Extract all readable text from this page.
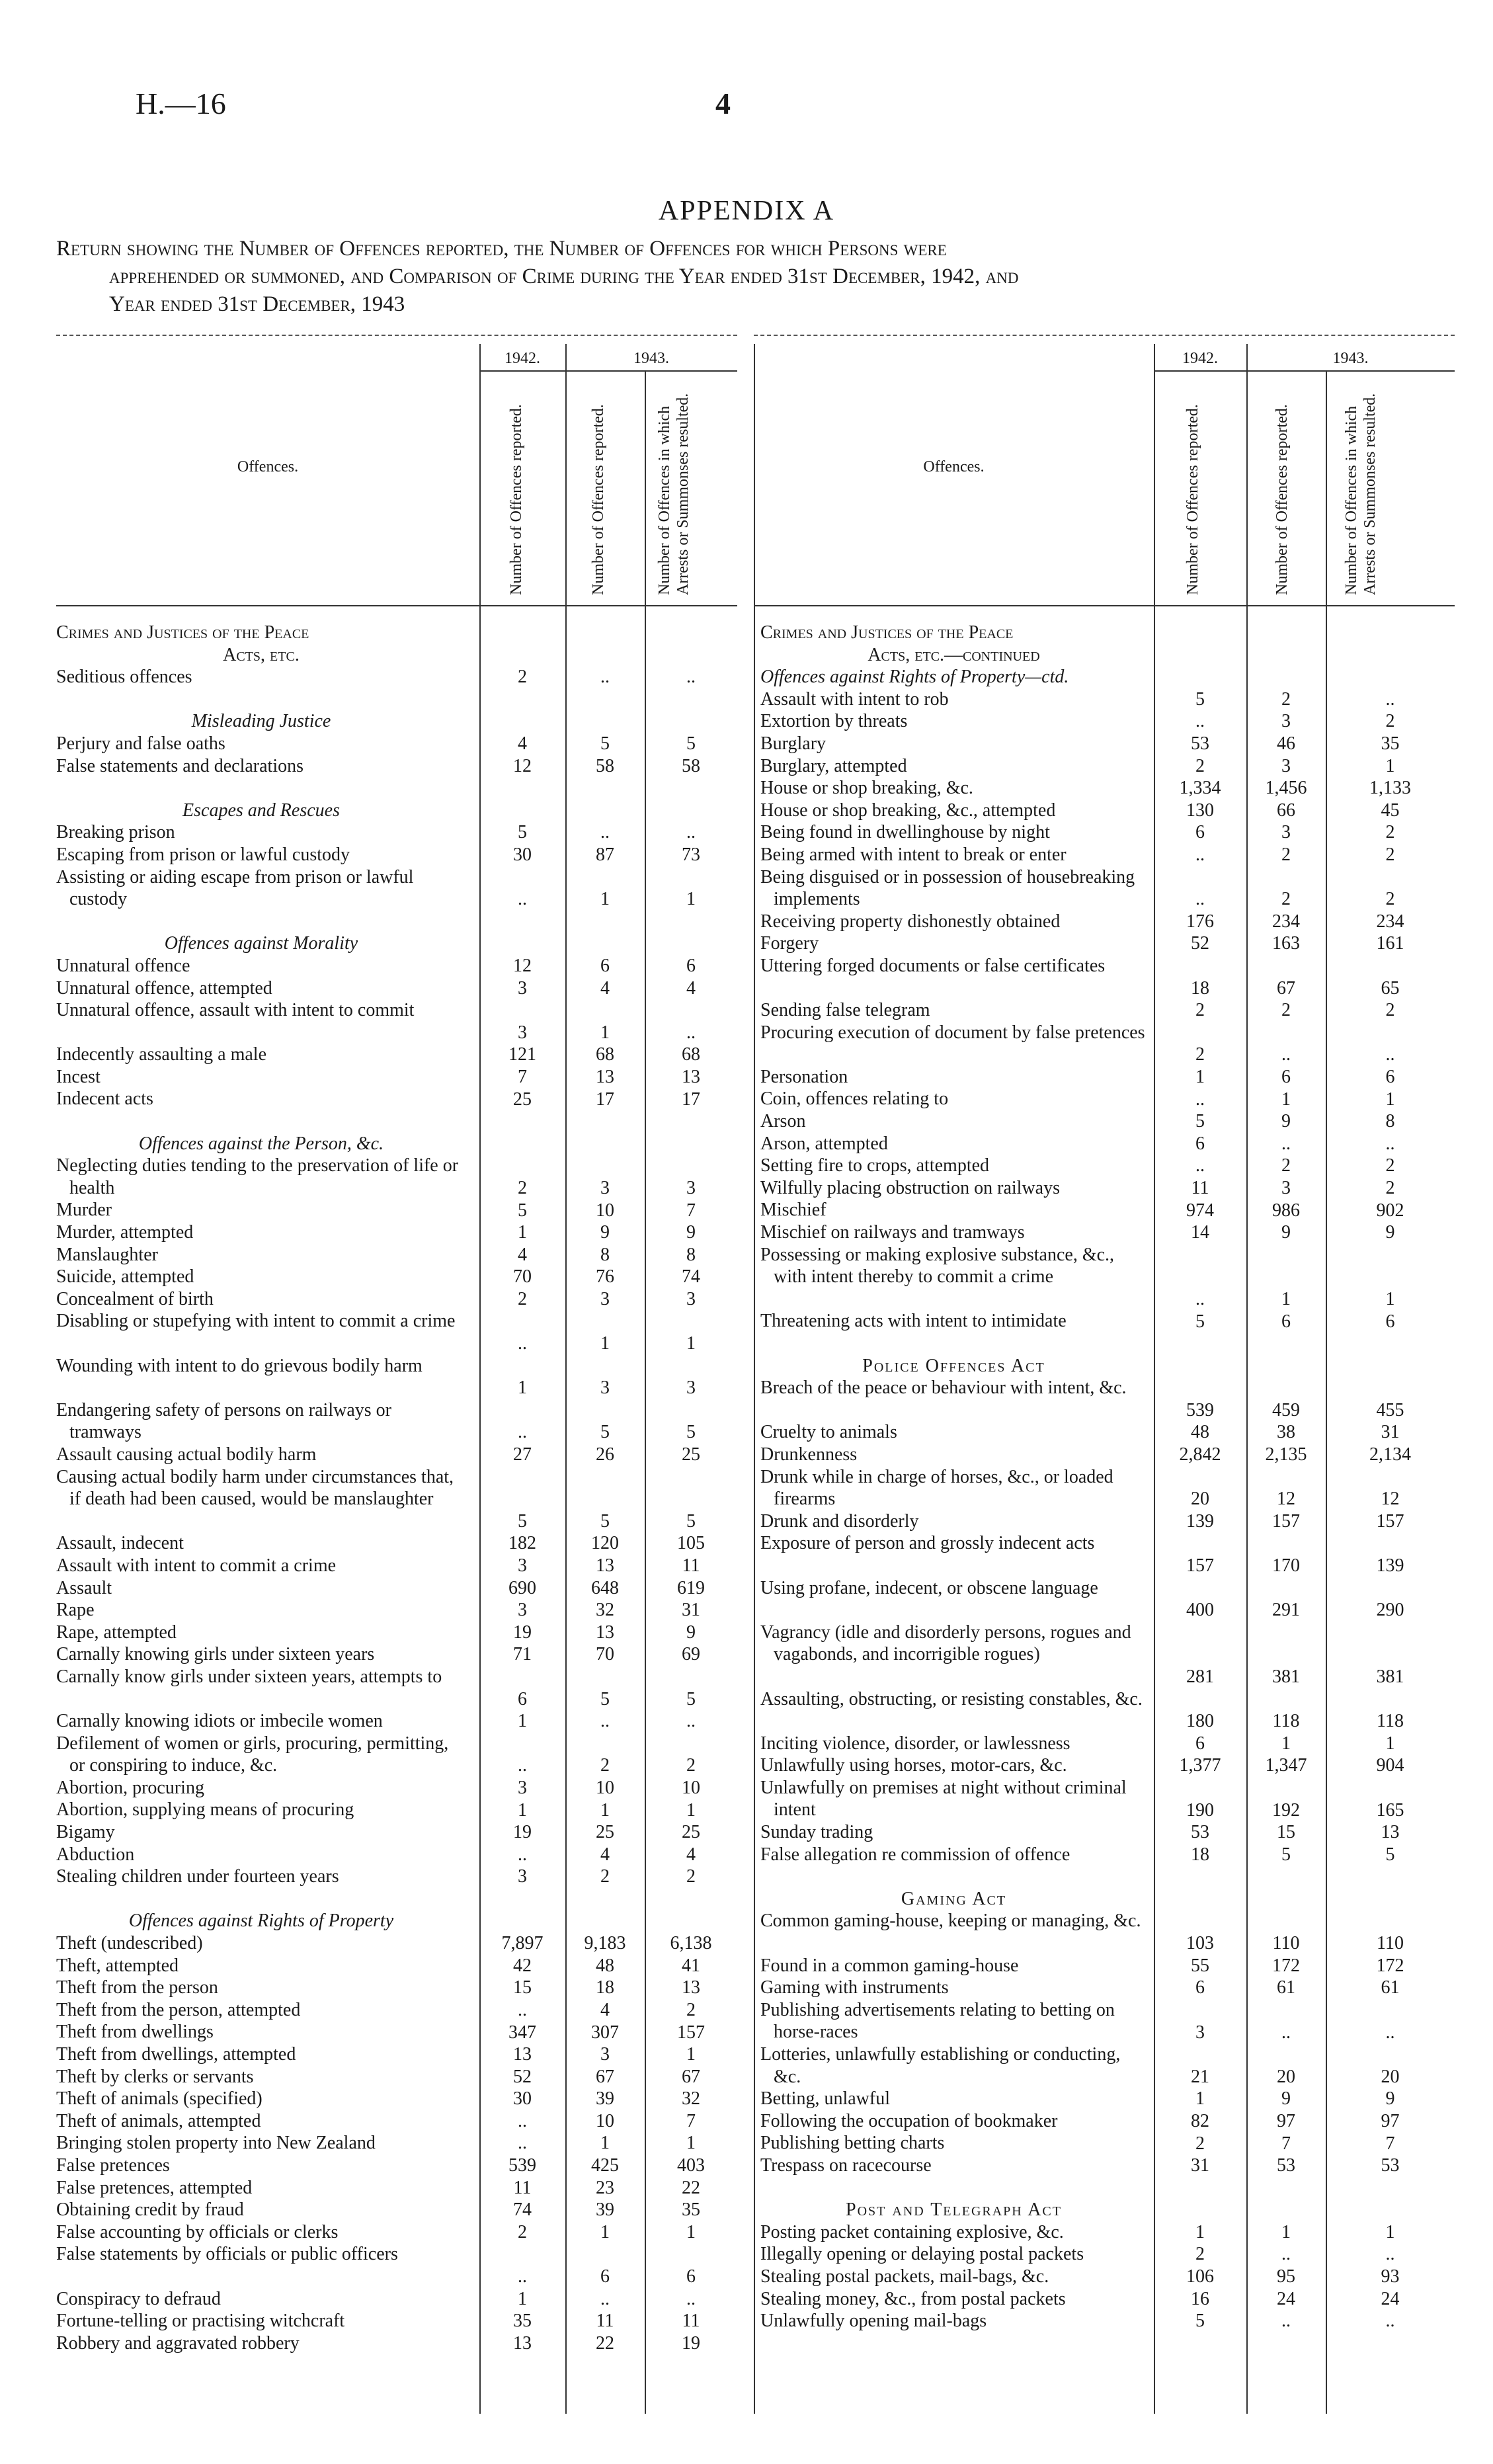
H.—16	4
APPENDIX A
Return showing the Number of Offences reported, the Number of Offences for which Persons were
apprehended or summoned, and Comparison of Crime during the Year ended 31st December, 1942, and
Year ended 31st December, 1943
Offences.
1942.	1943.
Number of Offences reported.	Number of Offences reported.	Number of Offences in which Arrests or Summonses resulted.
Crimes and Justices of the Peace
Acts, etc.
Seditious offences	2	..	..
Misleading Justice
Perjury and false oaths	4	5	5
False statements and declarations	12	58	58
Escapes and Rescues
Breaking prison	5	..	..
Escaping from prison or lawful custody	30	87	73
Assisting or aiding escape from prison or lawful custody	..	1	1
Offences against Morality
Unnatural offence	12	6	6
Unnatural offence, attempted	3	4	4
Unnatural offence, assault with intent to commit
3	1	..
Indecently assaulting a male	121	68	68
Incest	7	13	13
Indecent acts	25	17	17
Offences against the Person, &c.
Neglecting duties tending to the preservation of life or health	2	3	3
Murder	5	10	7
Murder, attempted	1	9	9
Manslaughter	4	8	8
Suicide, attempted	70	76	74
Concealment of birth	2	3	3
Disabling or stupefying with intent to commit a crime
..	1	1
Wounding with intent to do grievous bodily harm
1	3	3
Endangering safety of persons on railways or tramways	..	5	5
Assault causing actual bodily harm	27	26	25
Causing actual bodily harm under circumstances that, if death had been caused, would be manslaughter
5	5	5
Assault, indecent	182	120	105
Assault with intent to commit a crime	3	13	11
Assault	690	648	619
Rape	3	32	31
Rape, attempted	19	13	9
Carnally knowing girls under sixteen years	71	70	69
Carnally know girls under sixteen years, attempts to
6	5	5
Carnally knowing idiots or imbecile women	1	..	..
Defilement of women or girls, procuring, permitting, or conspiring to induce, &c.	..	2	2
Abortion, procuring	3	10	10
Abortion, supplying means of procuring	1	1	1
Bigamy	19	25	25
Abduction	..	4	4
Stealing children under fourteen years	3	2	2
Offences against Rights of Property
Theft (undescribed)	7,897	9,183	6,138
Theft, attempted	42	48	41
Theft from the person	15	18	13
Theft from the person, attempted	..	4	2
Theft from dwellings	347	307	157
Theft from dwellings, attempted	13	3	1
Theft by clerks or servants	52	67	67
Theft of animals (specified)	30	39	32
Theft of animals, attempted	..	10	7
Bringing stolen property into New Zealand	..	1	1
False pretences	539	425	403
False pretences, attempted	11	23	22
Obtaining credit by fraud	74	39	35
False accounting by officials or clerks	2	1	1
False statements by officials or public officers
..	6	6
Conspiracy to defraud	1	..	..
Fortune-telling or practising witchcraft	35	11	11
Robbery and aggravated robbery	13	22	19
Offences.
1942.	1943.
Number of Offences reported.	Number of Offences reported.	Number of Offences in which Arrests or Summonses resulted.
Crimes and Justices of the Peace
Acts, etc.—continued
Offences against Rights of Property—ctd.
Assault with intent to rob	5	2	..
Extortion by threats	..	3	2
Burglary	53	46	35
Burglary, attempted	2	3	1
House or shop breaking, &c.	1,334	1,456	1,133
House or shop breaking, &c., attempted	130	66	45
Being found in dwellinghouse by night	6	3	2
Being armed with intent to break or enter	..	2	2
Being disguised or in possession of housebreaking implements	..	2	2
Receiving property dishonestly obtained	176	234	234
Forgery	52	163	161
Uttering forged documents or false certificates
18	67	65
Sending false telegram	2	2	2
Procuring execution of document by false pretences
2	..	..
Personation	1	6	6
Coin, offences relating to	..	1	1
Arson	5	9	8
Arson, attempted	6	..	..
Setting fire to crops, attempted	..	2	2
Wilfully placing obstruction on railways	11	3	2
Mischief	974	986	902
Mischief on railways and tramways	14	9	9
Possessing or making explosive substance, &c., with intent thereby to commit a crime
..	1	1
Threatening acts with intent to intimidate	5	6	6
Police Offences Act
Breach of the peace or behaviour with intent, &c.
539	459	455
Cruelty to animals	48	38	31
Drunkenness	2,842	2,135	2,134
Drunk while in charge of horses, &c., or loaded firearms	20	12	12
Drunk and disorderly	139	157	157
Exposure of person and grossly indecent acts
157	170	139
Using profane, indecent, or obscene language
400	291	290
Vagrancy (idle and disorderly persons, rogues and vagabonds, and incorrigible rogues)
281	381	381
Assaulting, obstructing, or resisting constables, &c.
180	118	118
Inciting violence, disorder, or lawlessness	6	1	1
Unlawfully using horses, motor-cars, &c.	1,377	1,347	904
Unlawfully on premises at night without criminal intent	190	192	165
Sunday trading	53	15	13
False allegation re commission of offence	18	5	5
Gaming Act
Common gaming-house, keeping or managing, &c.
103	110	110
Found in a common gaming-house	55	172	172
Gaming with instruments	6	61	61
Publishing advertisements relating to betting on horse-races	3	..	..
Lotteries, unlawfully establishing or conducting, &c.	21	20	20
Betting, unlawful	1	9	9
Following the occupation of bookmaker	82	97	97
Publishing betting charts	2	7	7
Trespass on racecourse	31	53	53
Post and Telegraph Act
Posting packet containing explosive, &c.	1	1	1
Illegally opening or delaying postal packets	2	..	..
Stealing postal packets, mail-bags, &c.	106	95	93
Stealing money, &c., from postal packets	16	24	24
Unlawfully opening mail-bags	5	..	..
